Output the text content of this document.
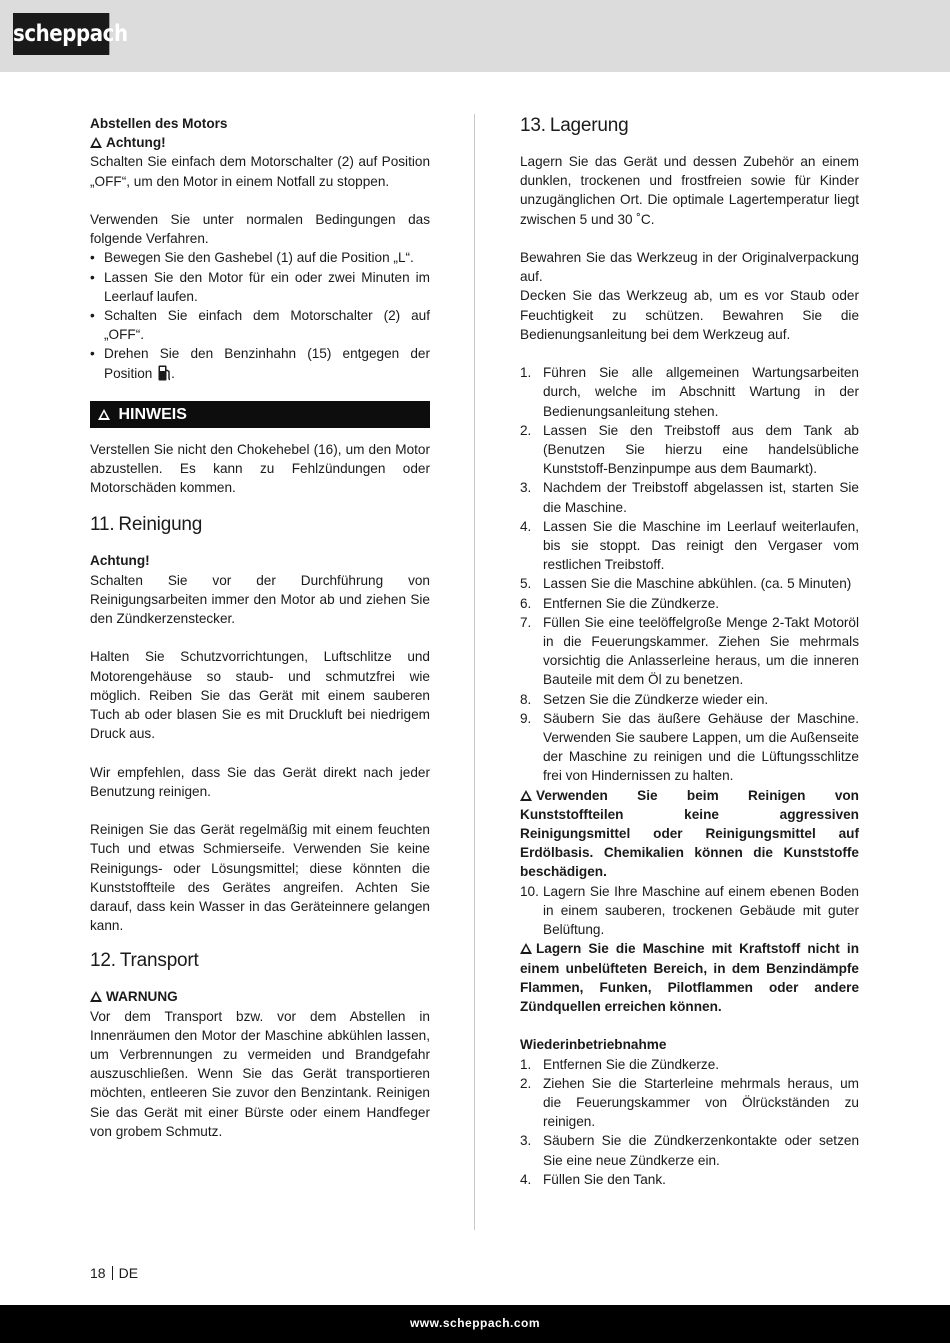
scheppach
Abstellen des Motors
Achtung!

Schalten Sie einfach dem Motorschalter (2) auf Position „OFF“, um den Motor in einem Notfall zu stoppen.

Verwenden Sie unter normalen Bedingungen das folgende Verfahren.

• Bewegen Sie den Gashebel (1) auf die Position „L“.
• Lassen Sie den Motor für ein oder zwei Minuten im Leerlauf laufen.
• Schalten Sie einfach dem Motorschalter (2) auf „OFF“.
• Drehen Sie den Benzinhahn (15) entgegen der Position .
HINWEIS

Verstellen Sie nicht den Chokehebel (16), um den Motor abzustellen. Es kann zu Fehlzündungen oder Motorschäden kommen.

11. Reinigung
Achtung!

Schalten Sie vor der Durchführung von Reinigungsarbeiten immer den Motor ab und ziehen Sie den Zündkerzenstecker.

Halten Sie Schutzvorrichtungen, Luftschlitze und Motorengehäuse so staub- und schmutzfrei wie möglich. Reiben Sie das Gerät mit einem sauberen Tuch ab oder blasen Sie es mit Druckluft bei niedrigem Druck aus.

Wir empfehlen, dass Sie das Gerät direkt nach jeder Benutzung reinigen.

Reinigen Sie das Gerät regelmäßig mit einem feuchten Tuch und etwas Schmierseife. Verwenden Sie keine Reinigungs- oder Lösungsmittel; diese könnten die Kunststoffteile des Gerätes angreifen. Achten Sie darauf, dass kein Wasser in das Geräteinnere gelangen kann.

12. Transport
WARNUNG

Vor dem Transport bzw. vor dem Abstellen in Innenräumen den Motor der Maschine abkühlen lassen, um Verbrennungen zu vermeiden und Brandgefahr auszuschließen. Wenn Sie das Gerät transportieren möchten, entleeren Sie zuvor den Benzintank. Reinigen Sie das Gerät mit einer Bürste oder einem Handfeger von grobem Schmutz.

13. Lagerung

Lagern Sie das Gerät und dessen Zubehör an einem dunklen, trockenen und frostfreien sowie für Kinder unzugänglichen Ort. Die optimale Lagertemperatur liegt zwischen 5 und 30 ˚C.

Bewahren Sie das Werkzeug in der Originalverpackung auf.

Decken Sie das Werkzeug ab, um es vor Staub oder Feuchtigkeit zu schützen. Bewahren Sie die Bedienungsanleitung bei dem Werkzeug auf.

1. Führen Sie alle allgemeinen Wartungsarbeiten durch, welche im Abschnitt Wartung in der Bedienungsanleitung stehen.
2. Lassen Sie den Treibstoff aus dem Tank ab (Benutzen Sie hierzu eine handelsübliche Kunststoff-Benzinpumpe aus dem Baumarkt).
3. Nachdem der Treibstoff abgelassen ist, starten Sie die Maschine.
4. Lassen Sie die Maschine im Leerlauf weiterlaufen, bis sie stoppt. Das reinigt den Vergaser vom restlichen Treibstoff.
5. Lassen Sie die Maschine abkühlen. (ca. 5 Minuten)
6. Entfernen Sie die Zündkerze.
7. Füllen Sie eine teelöffelgroße Menge 2-Takt Motoröl in die Feuerungskammer. Ziehen Sie mehrmals vorsichtig die Anlasserleine heraus, um die inneren Bauteile mit dem Öl zu benetzen.
8. Setzen Sie die Zündkerze wieder ein.
9. Säubern Sie das äußere Gehäuse der Maschine. Verwenden Sie saubere Lappen, um die Außenseite der Maschine zu reinigen und die Lüftungsschlitze frei von Hindernissen zu halten.

Verwenden Sie beim Reinigen von Kunststoffteilen keine aggressiven Reinigungsmittel oder Reinigungsmittel auf Erdölbasis. Chemikalien können die Kunststoffe beschädigen.

10. Lagern Sie Ihre Maschine auf einem ebenen Boden in einem sauberen, trockenen Gebäude mit guter Belüftung.

Lagern Sie die Maschine mit Kraftstoff nicht in einem unbelüfteten Bereich, in dem Benzindämpfe Flammen, Funken, Pilotflammen oder andere Zündquellen erreichen können.

Wiederinbetriebnahme
1. Entfernen Sie die Zündkerze.
2. Ziehen Sie die Starterleine mehrmals heraus, um die Feuerungskammer von Ölrückständen zu reinigen.
3. Säubern Sie die Zündkerzenkontakte oder setzen Sie eine neue Zündkerze ein.
4. Füllen Sie den Tank.
18 DE
www.scheppach.com
